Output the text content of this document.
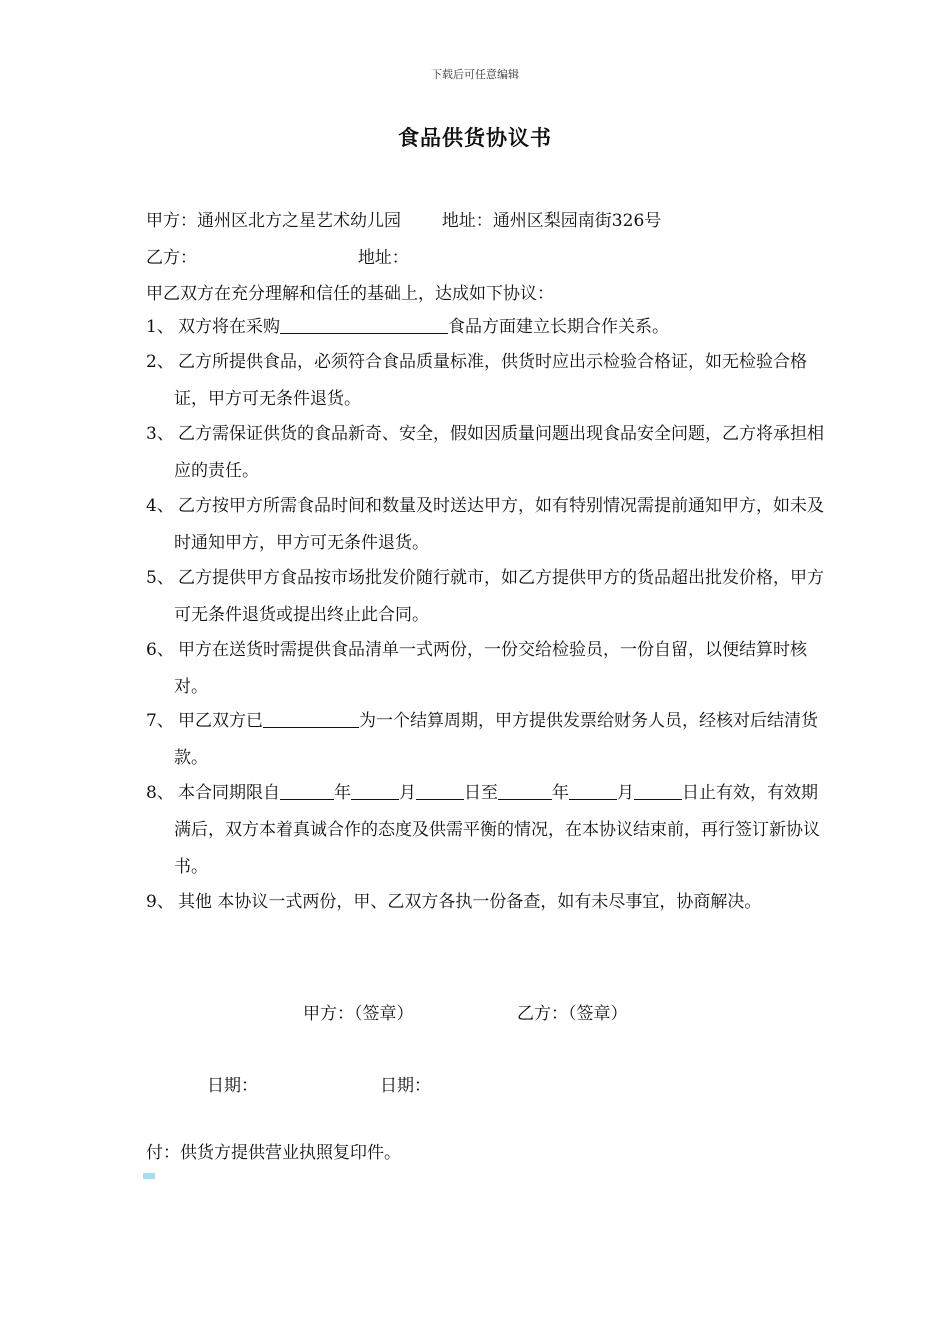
下载后可任意编辑
食品供货协议书
甲方：通州区北方之星艺术幼儿园 地址：通州区梨园南街326号
乙方：	地址：
甲乙双方在充分理解和信任的基础上，达成如下协议：
1、 双方将在采购	食品方面建立长期合作关系。
2、 乙方所提供食品，必须符合食品质量标准，供货时应出示检验合格证，如无检验合格证，甲方可无条件退货。
3、 乙方需保证供货的食品新奇、安全，假如因质量问题出现食品安全问题，乙方将承担相应的责任。
4、 乙方按甲方所需食品时间和数量及时送达甲方，如有特别情况需提前通知甲方，如未及时通知甲方，甲方可无条件退货。
5、 乙方提供甲方食品按市场批发价随行就市，如乙方提供甲方的货品超出批发价格，甲方可无条件退货或提出终止此合同。
6、 甲方在送货时需提供食品清单一式两份，一份交给检验员，一份自留，以便结算时核对。
7、 甲乙双方已	为一个结算周期，甲方提供发票给财务人员，经核对后结清货款。
8、 本合同期限自	年	月	日至	年	月	日止有效，有效期满后，双方本着真诚合作的态度及供需平衡的情况，在本协议结束前，再行签订新协议书。
9、 其他 本协议一式两份，甲、乙双方各执一份备查，如有未尽事宜，协商解决。
甲方：（签章）	乙方：（签章）
日期：	日期：
付：供货方提供营业执照复印件。
